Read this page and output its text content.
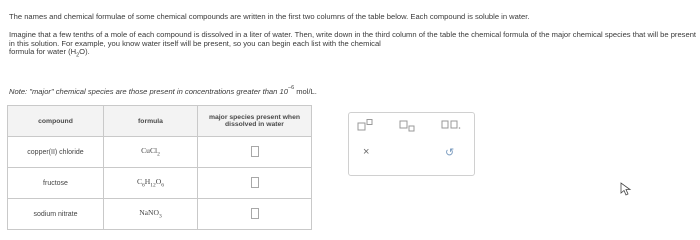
The names and chemical formulae of some chemical compounds are written in the first two columns of the table below. Each compound is soluble in water.

Imagine that a few tenths of a mole of each compound is dissolved in a liter of water. Then, write down in the third column of the table the chemical formula of the major chemical species that will be present in this solution. For example, you know water itself will be present, so you can begin each list with the chemical

formula for water $(H_2O)$.

Note: "major" chemical species are those present in concentrations greater than $10^{-6}$ mol/L.
compound	formula	major species present when dissolved in water
copper(II) chloride	CuCl$_2$	
fructose	$C_6H_{12}O_6$	
sodium nitrate	NaNO$_3$	
×	↺
